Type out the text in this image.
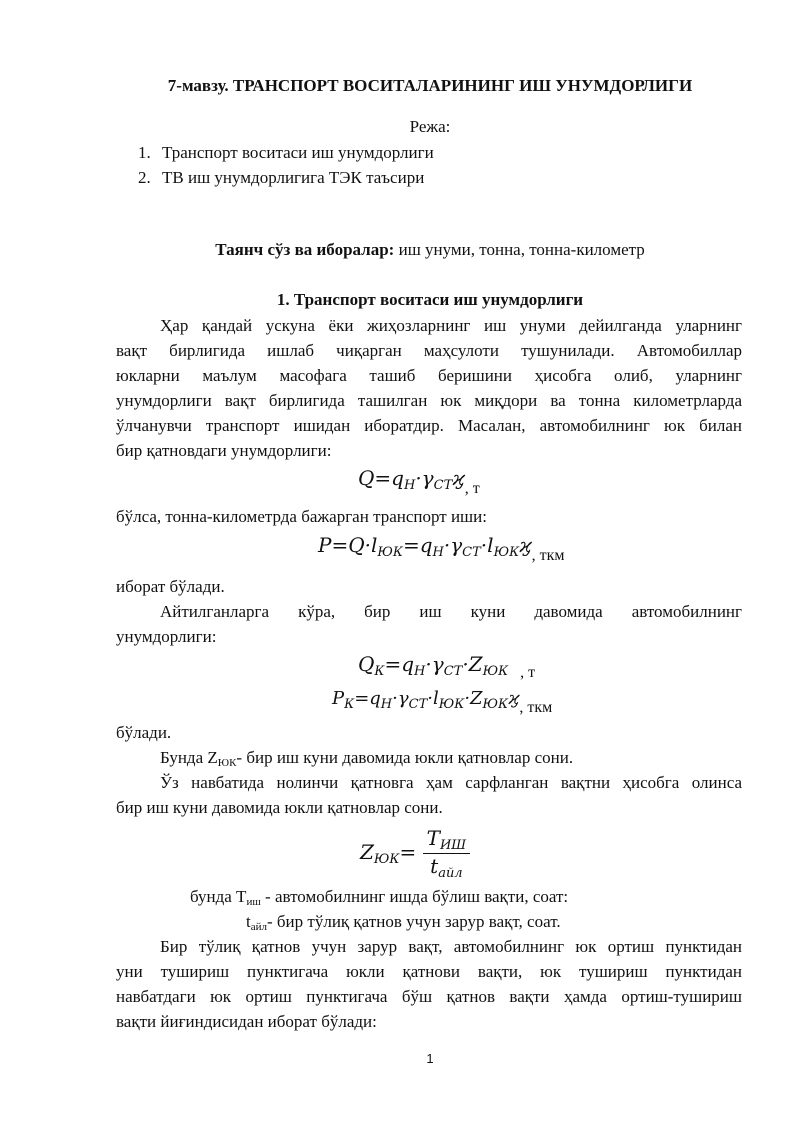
7-мавзу. ТРАНСПОРТ ВОСИТАЛАРИНИНГ ИШ УНУМДОРЛИГИ
Режа:
1. Транспорт воситаси иш унумдорлиги
2. ТВ иш унумдорлигига ТЭК таъсири
Таянч сўз ва иборалар: иш унуми, тонна, тонна-километр
1. Транспорт воситаси иш унумдорлиги
Ҳар қандай ускуна ёки жиҳозларнинг иш унуми дейилганда уларнинг
вақт бирлигида ишлаб чиқарган маҳсулоти тушунилади. Автомобиллар
юкларни маълум масофага ташиб беришини ҳисобга олиб, уларнинг
унумдорлиги вақт бирлигида ташилган юк миқдори ва тонна километрларда
ўлчанувчи транспорт ишидан иборатдир. Масалан, автомобилнинг юк билан
бир қатновдаги унумдорлиги:
$Q=q_Н\cdot\gamma_{СТ}ϗ_{, т}$
бўлса, тонна-километрда бажарган транспорт иши:
$P=Q\cdot l_{ЮК}=q_Н\cdot\gamma_{СТ}\cdot l_{ЮК}ϗ_{, ткм}$
иборат бўлади.
Айтилганларга кўра, бир иш куни давомида автомобилнинг
унумдорлиги:
$Q_К=q_Н\cdot\gamma_{СТ}\cdot Z_{ЮК}$ $_{, т}$
$P_К=q_Н\cdot\gamma_{СТ}\cdot l_{ЮК}\cdot Z_{ЮК}ϗ$, ткм
бўлади.
Бунда ZЮК- бир иш куни давомида юкли қатновлар сони.
Ўз навбатида нолинчи қатновга ҳам сарфланган вақтни ҳисобга олинса
бир иш куни давомида юкли қатновлар сони.
$Z_{ЮК}= \frac{Т_{ИШ}}{t_{айл}}$
бунда Тиш - автомобилнинг ишда бўлиш вақти, соат:
tайл- бир тўлиқ қатнов учун зарур вақт, соат.
Бир тўлиқ қатнов учун зарур вақт, автомобилнинг юк ортиш пунктидан
уни тушириш пунктигача юкли қатнови вақти, юк тушириш пунктидан
навбатдаги юк ортиш пунктигача бўш қатнов вақти ҳамда ортиш-тушириш
вақти йиғиндисидан иборат бўлади:
1
